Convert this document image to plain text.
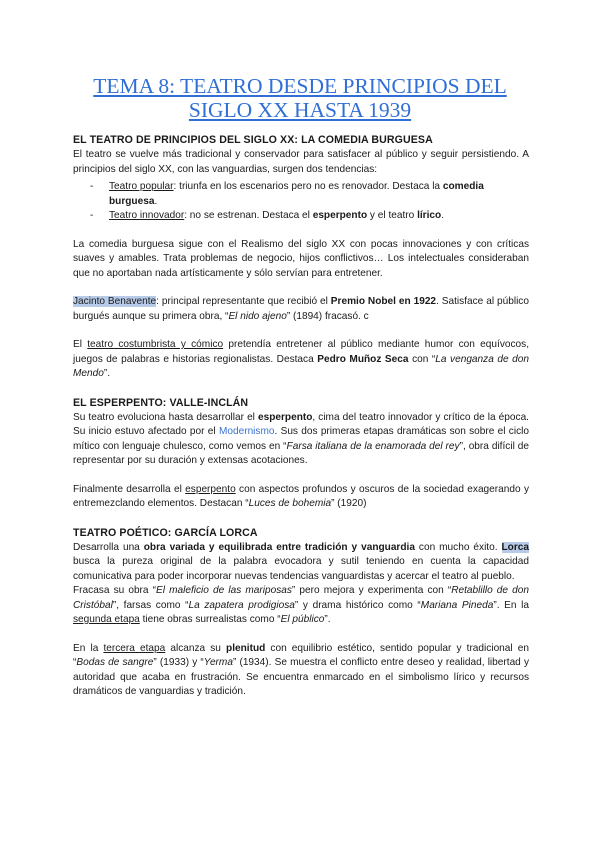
TEMA 8: TEATRO DESDE PRINCIPIOS DEL
SIGLO XX HASTA 1939
EL TEATRO DE PRINCIPIOS DEL SIGLO XX: LA COMEDIA BURGUESA

El teatro se vuelve más tradicional y conservador para satisfacer al público y seguir persistiendo. A principios del siglo XX, con las vanguardias, surgen dos tendencias:

- Teatro popular: triunfa en los escenarios pero no es renovador. Destaca la comedia burguesa.
- Teatro innovador: no se estrenan. Destaca el esperpento y el teatro lírico.

La comedia burguesa sigue con el Realismo del siglo XX con pocas innovaciones y con críticas suaves y amables. Trata problemas de negocio, hijos conflictivos… Los intelectuales consideraban que no aportaban nada artísticamente y sólo servían para entretener.

Jacinto Benavente: principal representante que recibió el Premio Nobel en 1922. Satisface al público burgués aunque su primera obra, “El nido ajeno” (1894) fracasó. c

El teatro costumbrista y cómico pretendía entretener al público mediante humor con equívocos, juegos de palabras e historias regionalistas. Destaca Pedro Muñoz Seca con “La venganza de don Mendo”.

EL ESPERPENTO: VALLE-INCLÁN

Su teatro evoluciona hasta desarrollar el esperpento, cima del teatro innovador y crítico de la época. Su inicio estuvo afectado por el Modernismo. Sus dos primeras etapas dramáticas son sobre el ciclo mítico con lenguaje chulesco, como vemos en “Farsa italiana de la enamorada del rey”, obra difícil de representar por su duración y extensas acotaciones.

Finalmente desarrolla el esperpento con aspectos profundos y oscuros de la sociedad exagerando y entremezclando elementos. Destacan “Luces de bohemia” (1920)

TEATRO POÉTICO: GARCÍA LORCA

Desarrolla una obra variada y equilibrada entre tradición y vanguardia con mucho éxito. Lorca busca la pureza original de la palabra evocadora y sutil teniendo en cuenta la capacidad comunicativa para poder incorporar nuevas tendencias vanguardistas y acercar el teatro al pueblo.

Fracasa su obra “El maleficio de las mariposas” pero mejora y experimenta con “Retablillo de don Cristóbal”, farsas como “La zapatera prodigiosa” y drama histórico como “Mariana Pineda”. En la segunda etapa tiene obras surrealistas como “El público”.

En la tercera etapa alcanza su plenitud con equilibrio estético, sentido popular y tradicional en “Bodas de sangre” (1933) y “Yerma” (1934). Se muestra el conflicto entre deseo y realidad, libertad y autoridad que acaba en frustración. Se encuentra enmarcado en el simbolismo lírico y recursos dramáticos de vanguardias y tradición.
